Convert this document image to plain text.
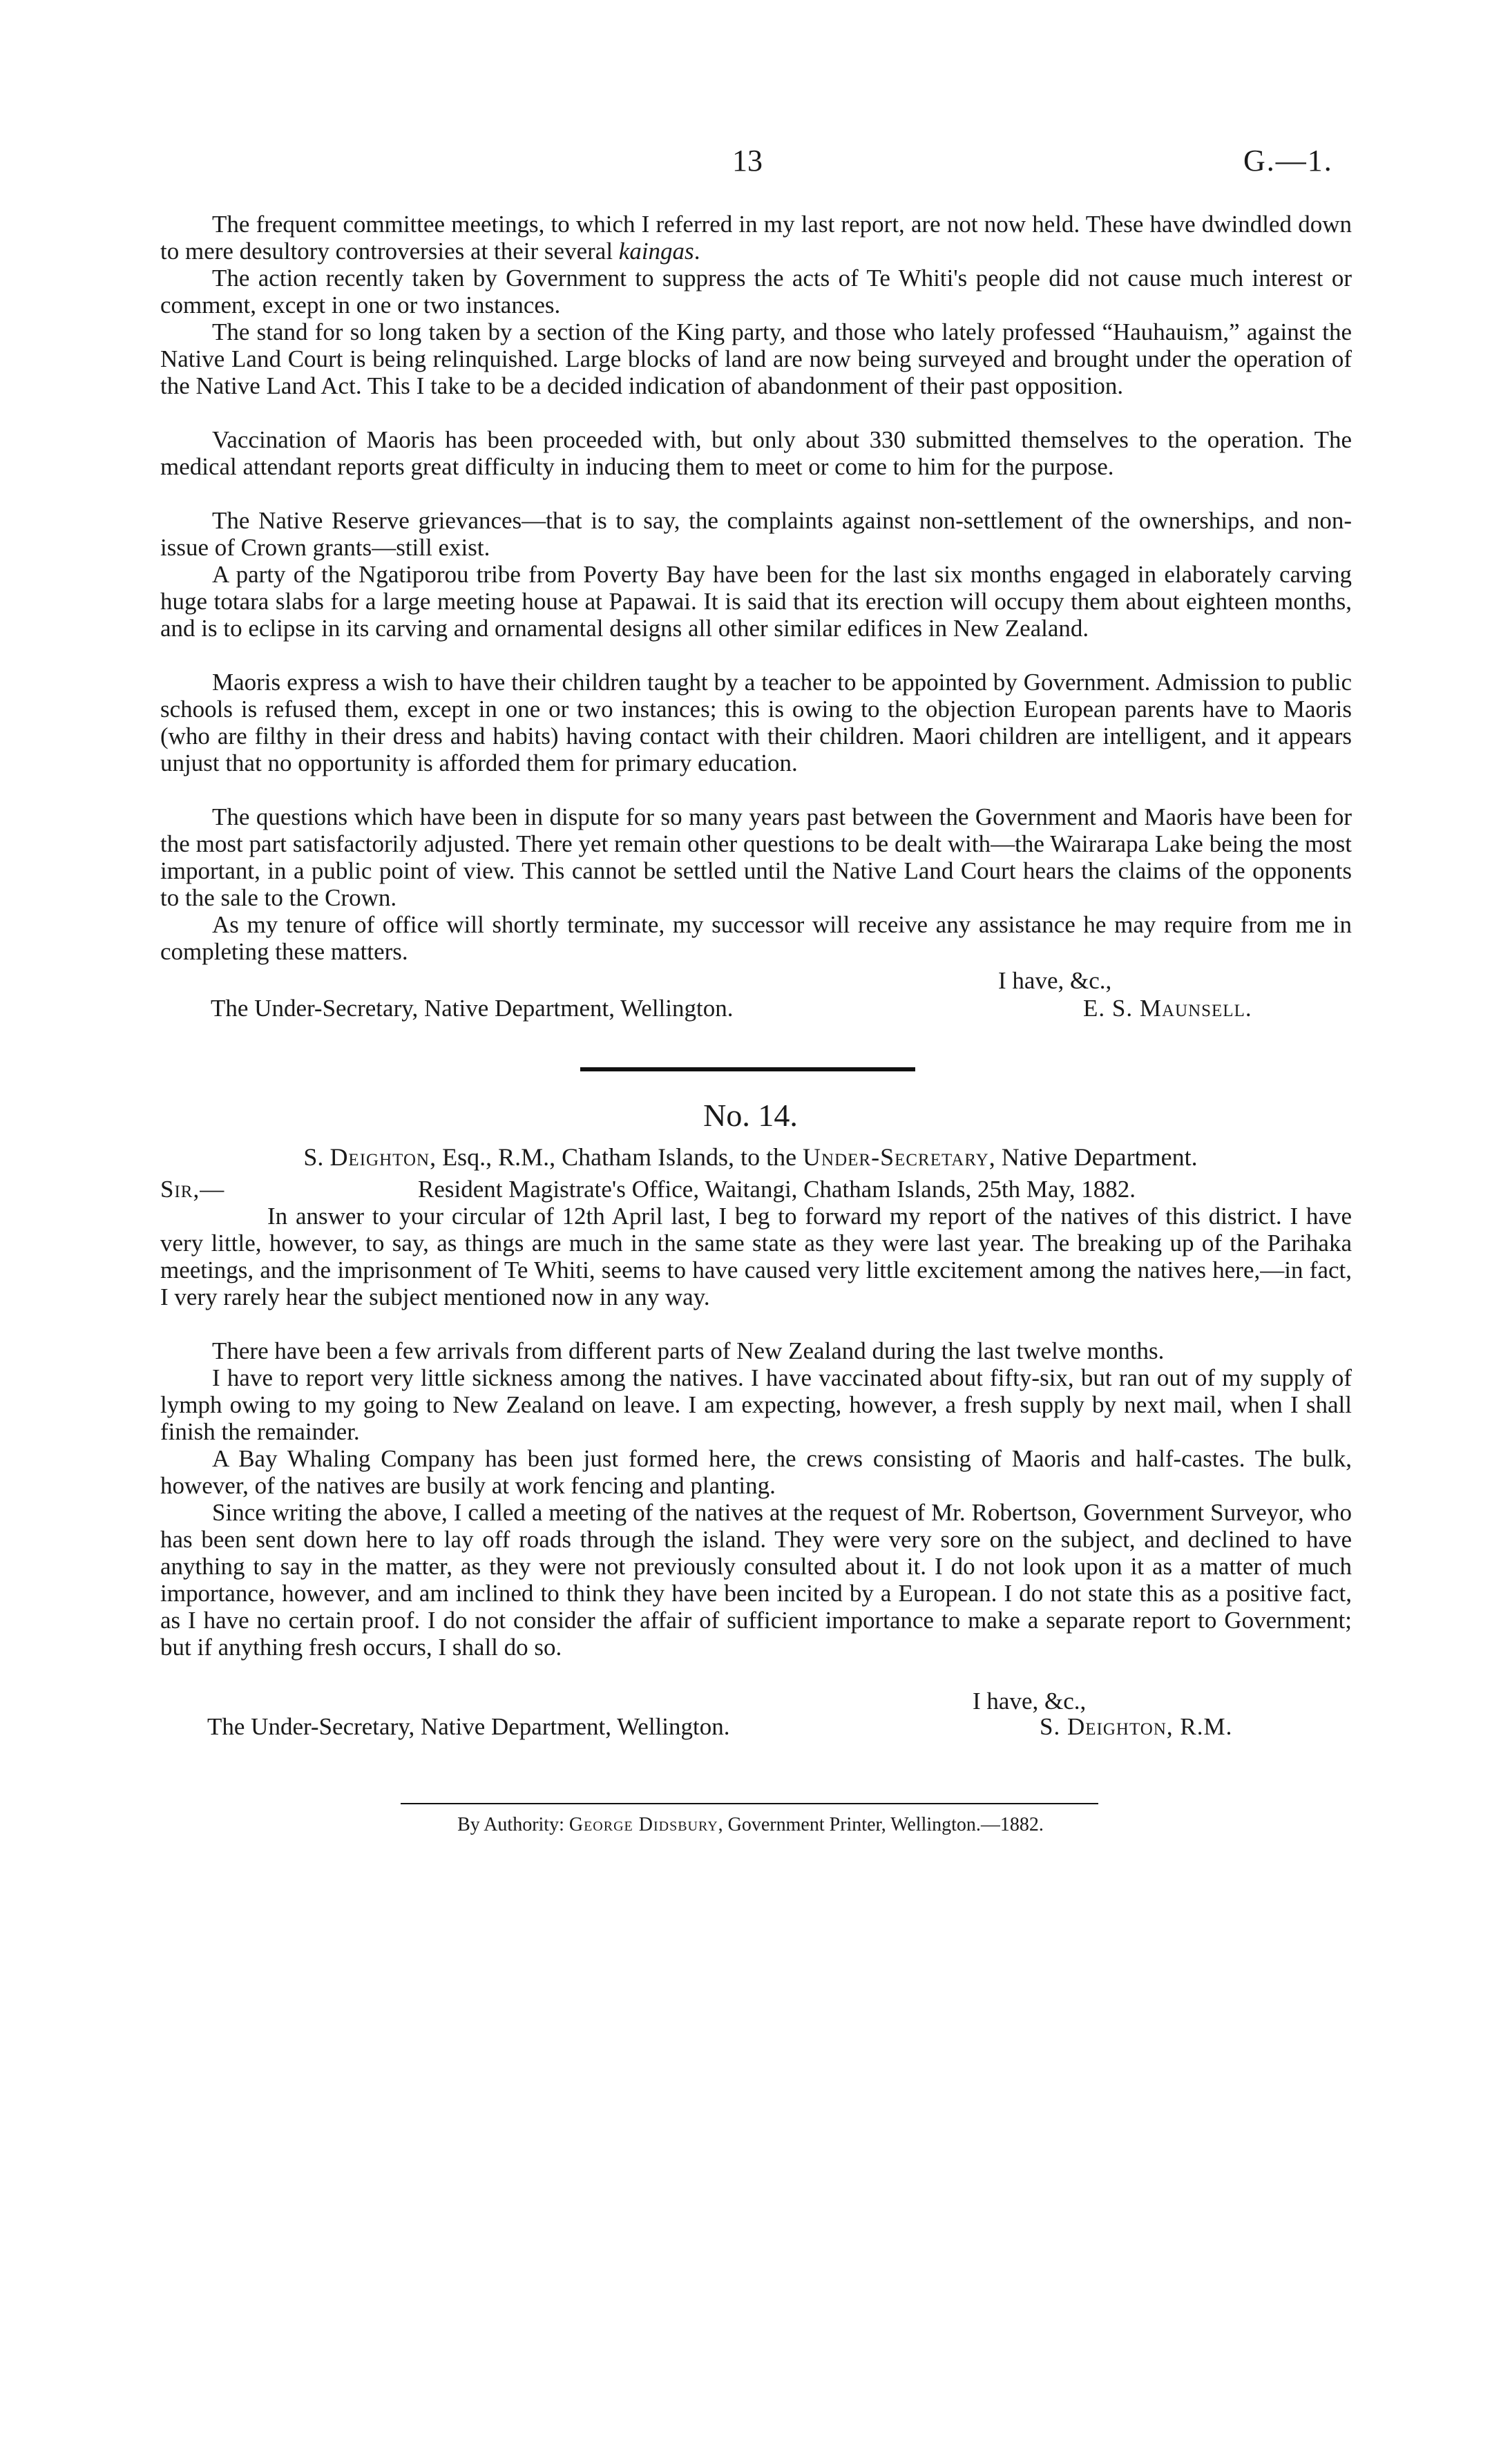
13	G.—1.
The frequent committee meetings, to which I referred in my last report, are not now held. These have dwindled down to mere desultory controversies at their several kaingas.
The action recently taken by Government to suppress the acts of Te Whiti's people did not cause much interest or comment, except in one or two instances.
The stand for so long taken by a section of the King party, and those who lately professed “Hauhauism,” against the Native Land Court is being relinquished. Large blocks of land are now being surveyed and brought under the operation of the Native Land Act. This I take to be a decided indication of abandonment of their past opposition.
Vaccination of Maoris has been proceeded with, but only about 330 submitted themselves to the operation. The medical attendant reports great difficulty in inducing them to meet or come to him for the purpose.
The Native Reserve grievances—that is to say, the complaints against non-settlement of the ownerships, and non-issue of Crown grants—still exist.
A party of the Ngatiporou tribe from Poverty Bay have been for the last six months engaged in elaborately carving huge totara slabs for a large meeting house at Papawai. It is said that its erection will occupy them about eighteen months, and is to eclipse in its carving and ornamental designs all other similar edifices in New Zealand.
Maoris express a wish to have their children taught by a teacher to be appointed by Government. Admission to public schools is refused them, except in one or two instances; this is owing to the objection European parents have to Maoris (who are filthy in their dress and habits) having contact with their children. Maori children are intelligent, and it appears unjust that no opportunity is afforded them for primary education.
The questions which have been in dispute for so many years past between the Government and Maoris have been for the most part satisfactorily adjusted. There yet remain other questions to be dealt with—the Wairarapa Lake being the most important, in a public point of view. This cannot be settled until the Native Land Court hears the claims of the opponents to the sale to the Crown.
As my tenure of office will shortly terminate, my successor will receive any assistance he may require from me in completing these matters.
I have, &c.,
The Under-Secretary, Native Department, Wellington.	E. S. Maunsell.
No. 14.
S. Deighton, Esq., R.M., Chatham Islands, to the Under-Secretary, Native Department.
Sir,—	Resident Magistrate's Office, Waitangi, Chatham Islands, 25th May, 1882.
In answer to your circular of 12th April last, I beg to forward my report of the natives of this district. I have very little, however, to say, as things are much in the same state as they were last year. The breaking up of the Parihaka meetings, and the imprisonment of Te Whiti, seems to have caused very little excitement among the natives here,—in fact, I very rarely hear the subject mentioned now in any way.
There have been a few arrivals from different parts of New Zealand during the last twelve months.
I have to report very little sickness among the natives. I have vaccinated about fifty-six, but ran out of my supply of lymph owing to my going to New Zealand on leave. I am expecting, however, a fresh supply by next mail, when I shall finish the remainder.
A Bay Whaling Company has been just formed here, the crews consisting of Maoris and half-castes. The bulk, however, of the natives are busily at work fencing and planting.
Since writing the above, I called a meeting of the natives at the request of Mr. Robertson, Government Surveyor, who has been sent down here to lay off roads through the island. They were very sore on the subject, and declined to have anything to say in the matter, as they were not previously consulted about it. I do not look upon it as a matter of much importance, however, and am inclined to think they have been incited by a European. I do not state this as a positive fact, as I have no certain proof. I do not consider the affair of sufficient importance to make a separate report to Government; but if anything fresh occurs, I shall do so.
I have, &c.,
The Under-Secretary, Native Department, Wellington.	S. Deighton, R.M.
By Authority: George Didsbury, Government Printer, Wellington.—1882.
